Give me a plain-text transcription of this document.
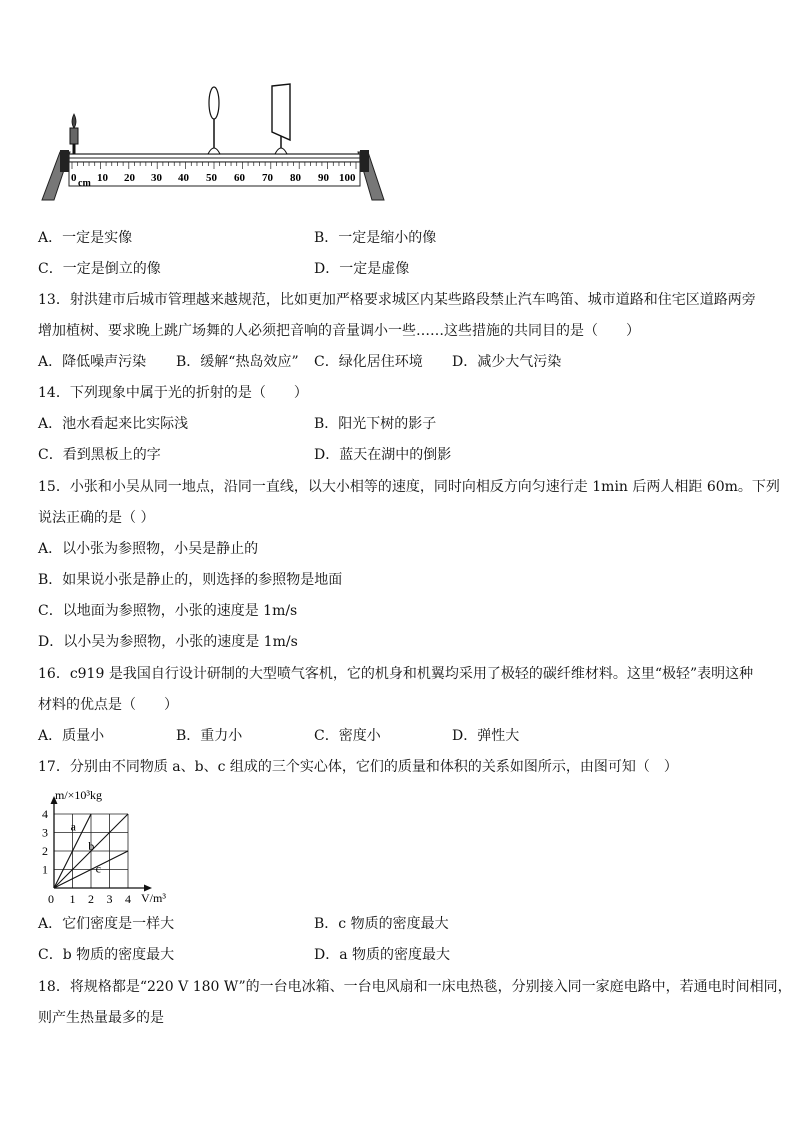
0 10 20 30 40 50 60 70 80 90 100
cm
A．一定是实像	B．一定是缩小的像
C．一定是倒立的像	D．一定是虚像
13．射洪建市后城市管理越来越规范，比如更加严格要求城区内某些路段禁止汽车鸣笛、城市道路和住宅区道路两旁
增加植树、要求晚上跳广场舞的人必须把音响的音量调小一些……这些措施的共同目的是（　　）
A．降低噪声污染 B．缓解“热岛效应” C．绿化居住环境 D．减少大气污染
14．下列现象中属于光的折射的是（　　）
A．池水看起来比实际浅	B．阳光下树的影子
C．看到黑板上的字	D．蓝天在湖中的倒影
15．小张和小吴从同一地点，沿同一直线，以大小相等的速度，同时向相反方向匀速行走 1min 后两人相距 60m。下列
说法正确的是（ ）
A．以小张为参照物，小吴是静止的
B．如果说小张是静止的，则选择的参照物是地面
C．以地面为参照物，小张的速度是 1m/s
D．以小吴为参照物，小张的速度是 1m/s
16．c919 是我国自行设计研制的大型喷气客机，它的机身和机翼均采用了极轻的碳纤维材料。这里“极轻”表明这种
材料的优点是（　　）
A．质量小	B．重力小	C．密度小	D．弹性大
17．分别由不同物质 a、b、c 组成的三个实心体，它们的质量和体积的关系如图所示，由图可知（　）
a
b
c
0 1 2 3 4
1
2
3
4
m/×10³kg
V/m³
A．它们密度是一样大	B．c 物质的密度最大
C．b 物质的密度最大	D．a 物质的密度最大
18．将规格都是“220 V 180 W”的一台电冰箱、一台电风扇和一床电热毯，分别接入同一家庭电路中，若通电时间相同，
则产生热量最多的是
